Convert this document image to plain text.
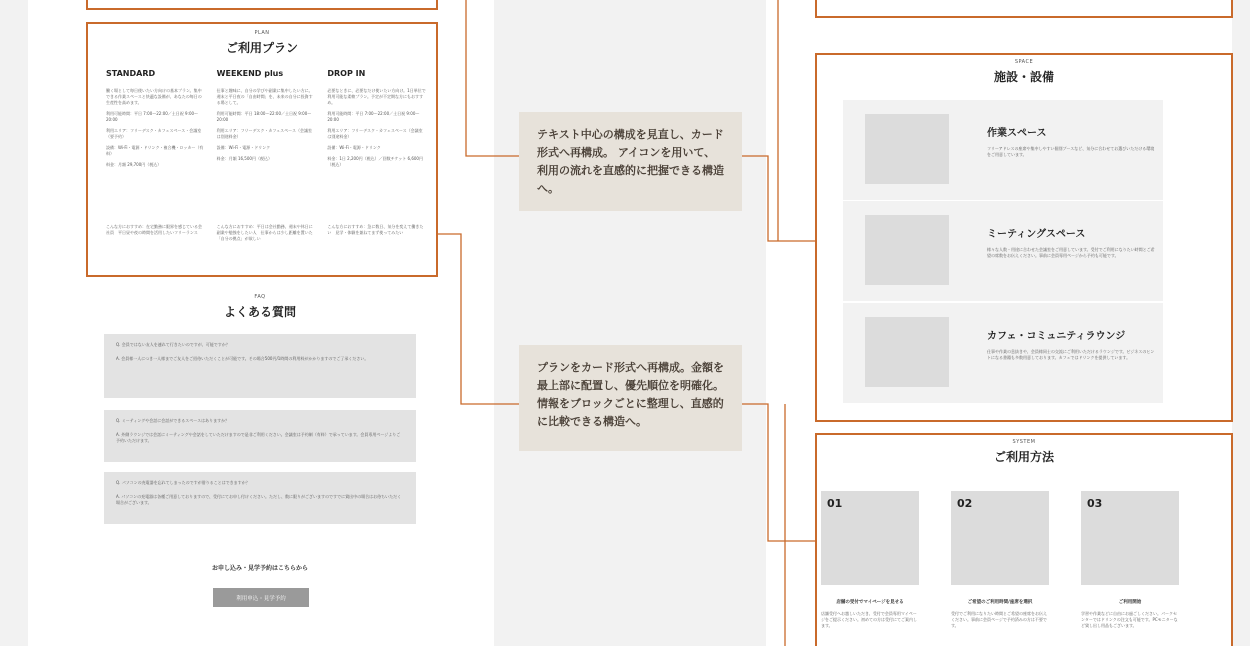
PLAN
ご利用プラン
STANDARD
働く場として毎日使いたい方向けの基本プラン。集中できる作業スペースと快適な設備が、あなたの毎日の生産性を高めます。
利用可能時間：平日 7:00〜22:00／土日祝 9:00〜20:00
利用エリア：フリーデスク・カフェスペース・会議室（要予約）
設備：Wi-Fi・電源・ドリンク・複合機・ロッカー（有料）
料金：月額 29,700円（税込）
WEEKEND plus
仕事と趣味に、自分の学びや副業に集中したい方に。週末と平日夜の「自由時間」を、未来の自分に投資する場として。
利用可能時間：平日 18:00〜22:00／土日祝 9:00〜20:00
利用エリア：フリーデスク・カフェスペース（会議室は別途料金）
設備：Wi-Fi・電源・ドリンク
料金：月額 16,500円（税込）
DROP IN
必要なときに、必要なだけ使いたい方向け。1日単位で利用可能な柔軟プラン。予定が不定期な方にもおすすめ。
利用可能時間：平日 7:00〜22:00／土日祝 9:00〜20:00
利用エリア：フリーデスク・カフェスペース（会議室は別途料金）
設備：Wi-Fi・電源・ドリンク
料金：1日 2,200円（税込）／回数チケット 6,600円（税込）
こんな方におすすめ：在宅勤務に限界を感じている会社員　平日昼や夜の時間を活用したいフリーランス
こんな方におすすめ：平日は会社勤務、週末や休日に副業や勉強をしたい人　仕事からは少し距離を置いた「自分の拠点」が欲しい
こんな方におすすめ：急に数日、気分を変えて働きたい　見学・体験を兼ねてまず使ってみたい
FAQ
よくある質問
Q. 会員ではない友人を連れて行きたいのですが、可能ですか？
A. 会員様一人につき一人様までご友人をご招待いただくことが可能です。その場合500円/1時間の利用料がかかりますのでご了承ください。
Q. ミーティングや会話に会話ができるスペースはありますか？
A. 外側ラウンジでは会話にミーティングや会話をしていただけますので是非ご利用ください。会議室は予約制（有料）で承っています。会員専用ページよりご予約いただけます。
Q. パソコンの充電器を忘れてしまったのですが借りることはできますか？
A. パソコンの充電器は各種ご用意しておりますので、受付にてお申し付けください。ただし、数に限りがございますのですでに貸出中の場合はお待ちいただく場合がございます。
お申し込み・見学予約はこちらから
利用申込・見学予約
テキスト中心の構成を見直し、カード形式へ再構成。 アイコンを用いて、利用の流れを直感的に把握できる構造へ。
プランをカード形式へ再構成。金額を最上部に配置し、優先順位を明確化。情報をブロックごとに整理し、直感的に比較できる構造へ。
SPACE
施設・設備
作業スペース
フリーアドレスの座席や集中しやすい個別ブースなど、気分に合わせてお選びいただける環境をご用意しています。
ミーティングスペース
様々な人数・用途に合わせた会議室をご用意しています。受付でご利用になりたい時間とご希望の席数をお伝えください。事前に会員専用ページから予約も可能です。
カフェ・コミュニティラウンジ
仕事や作業の息抜きや、会員様同士の交流にご利用いただけるラウンジです。ビジネスのヒントになる書籍も多数用意しております。カフェではドリンクを提供しています。
SYSTEM
ご利用方法
01
店舗の受付でマイページを見せる
店舗受付へお越しいただき、受付で会員専用マイページをご提示ください。初めての方は受付にてご案内します。
02
ご希望のご利用時間/座席を選択
受付でご利用になりたい時間とご希望の座席をお伝えください。事前に会員ページで予約済みの方は不要です。
03
ご利用開始
学習や作業などに自由にお過ごしください。パークセンターではドリンクの注文も可能です。PCモニターなど貸し出し用品もございます。
